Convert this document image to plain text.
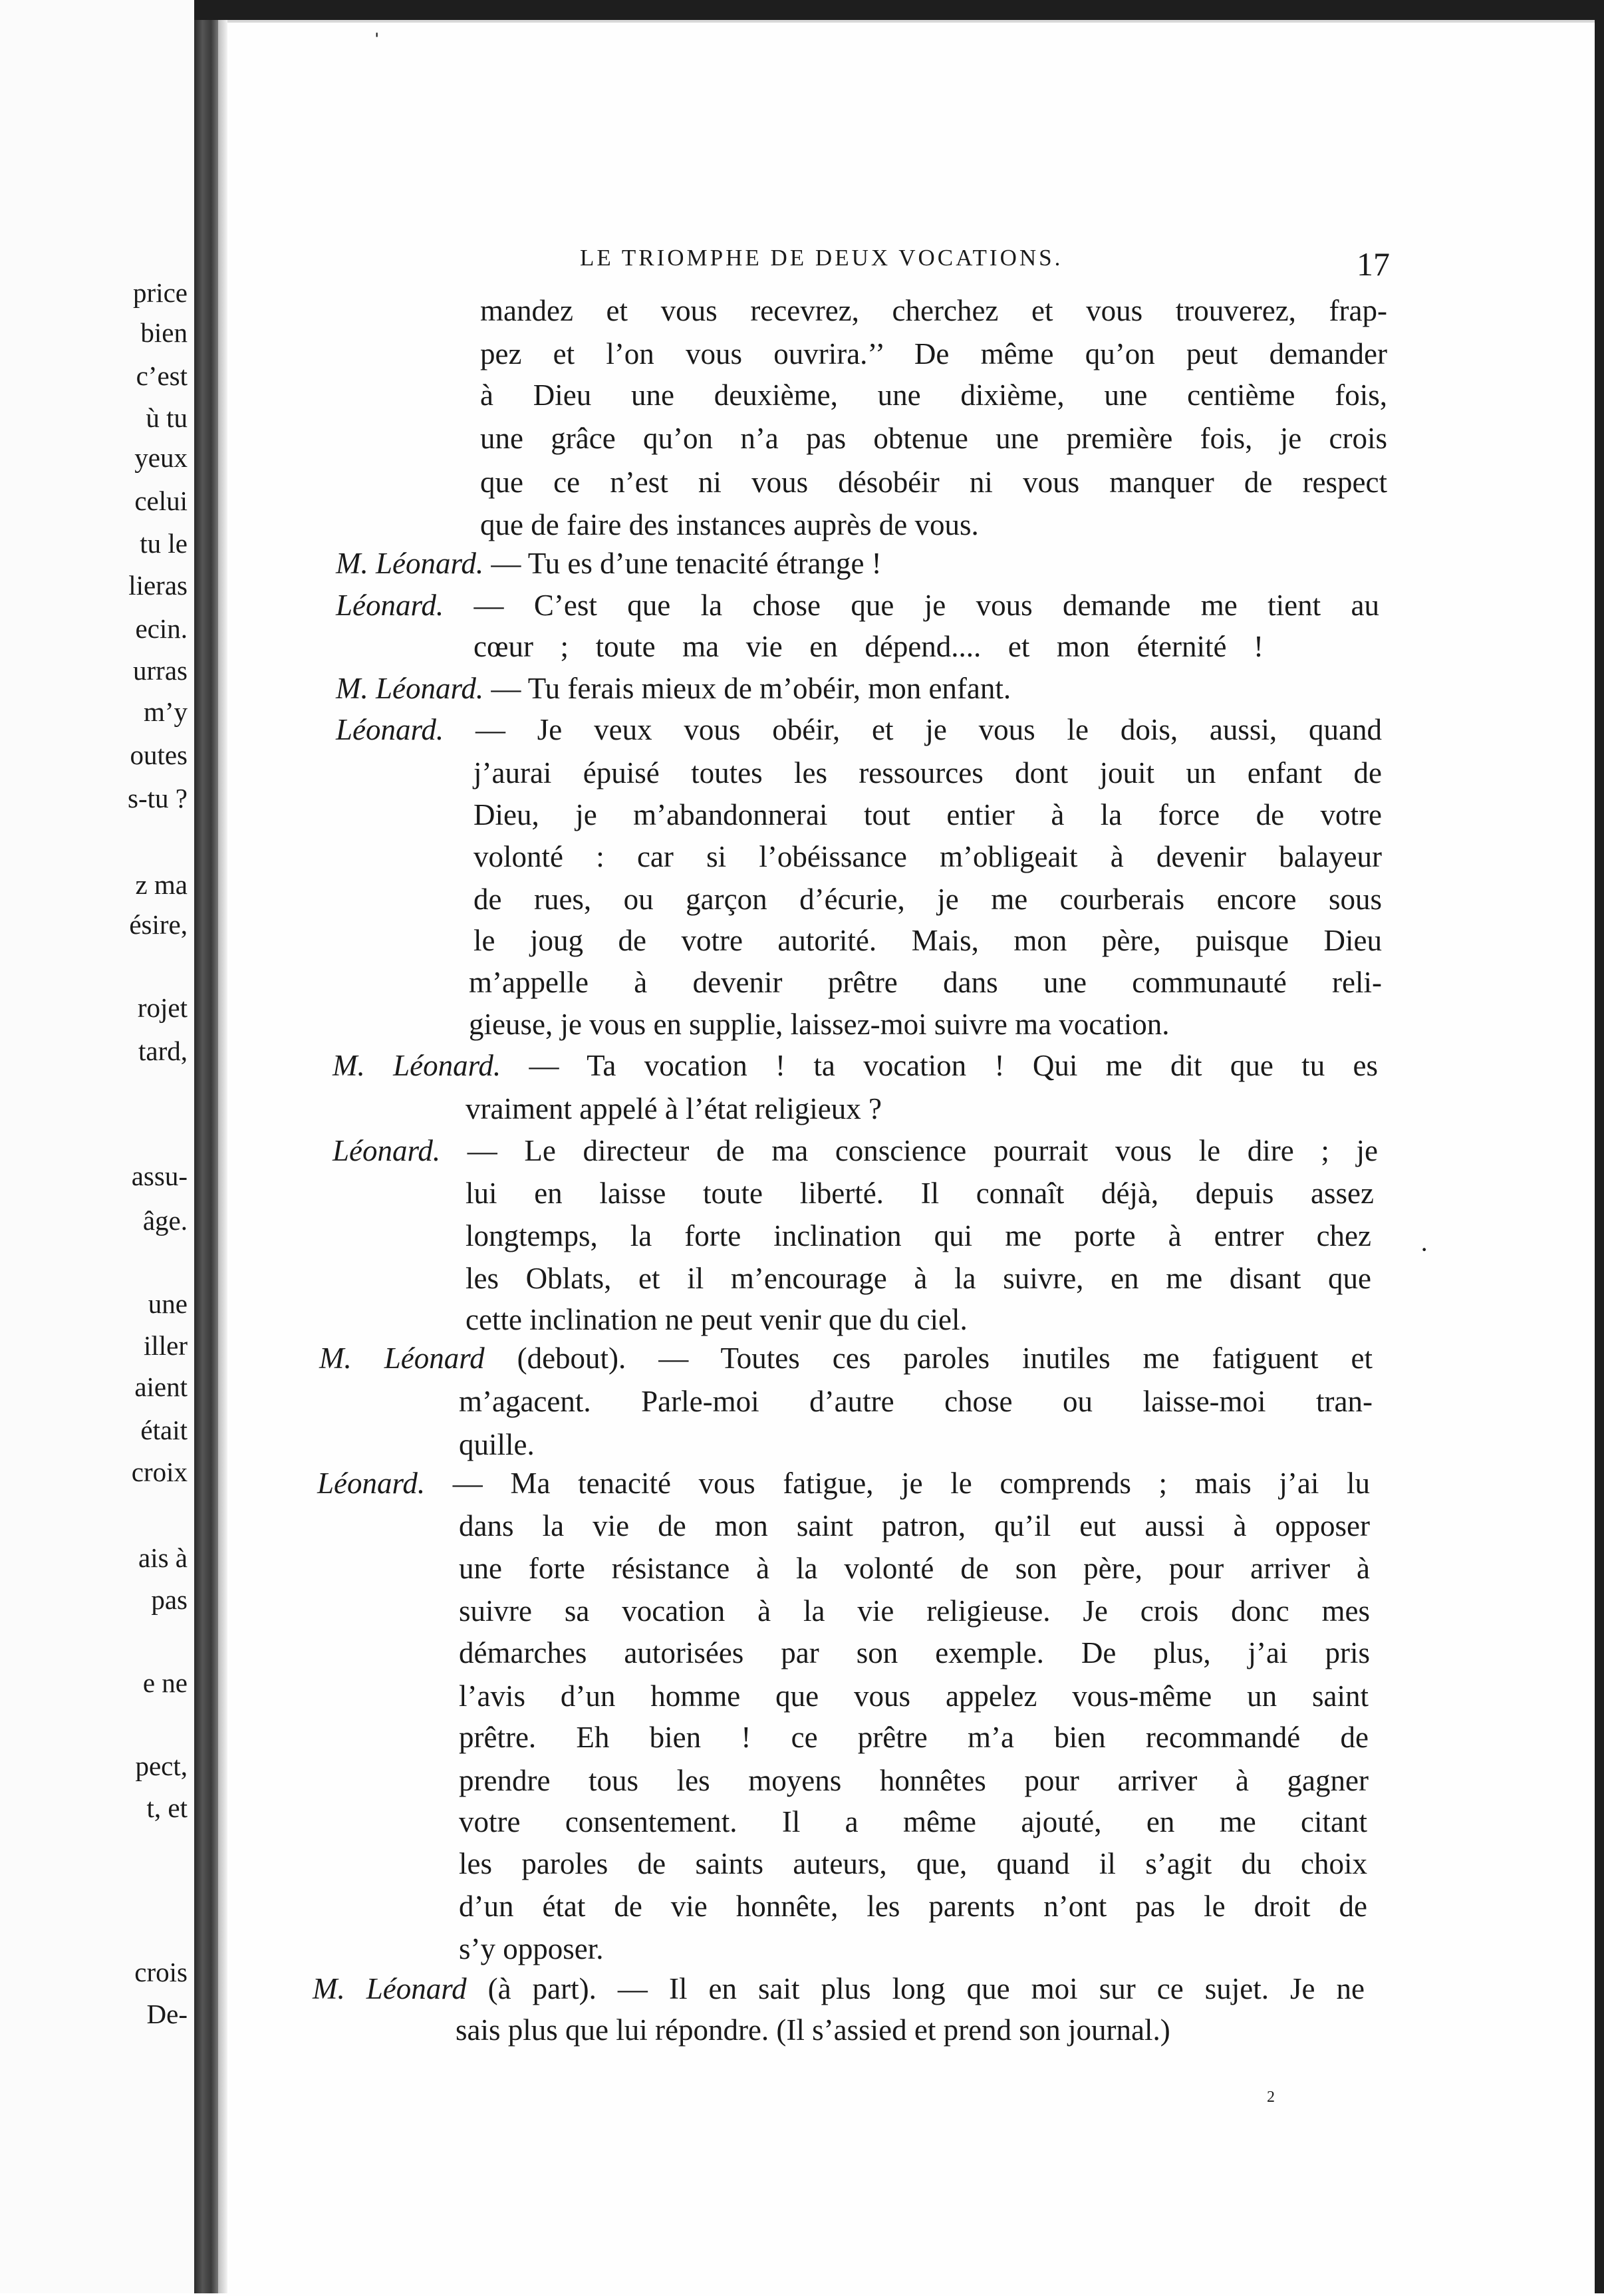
price
bien
c’est
ù tu
yeux
celui
tu le
lieras
ecin.
urras
m’y
outes
s-tu ?
z ma
ésire,
rojet
tard,
assu-
âge.
une
iller
aient
était
croix
ais à
pas
e ne
pect,
t, et
crois
De-
ˈ
·
LE TRIOMPHE DE DEUX VOCATIONS.	17
mandez et vous recevrez, cherchez et vous trouverez, frap-
pez et l’on vous ouvrira.’’ De même qu’on peut demander
à Dieu une deuxième, une dixième, une centième fois,
une grâce qu’on n’a pas obtenue une première fois, je crois
que ce n’est ni vous désobéir ni vous manquer de respect
que de faire des instances auprès de vous.
M. Léonard. — Tu es d’une tenacité étrange !
Léonard. — C’est que la chose que je vous demande me tient au
cœur ; toute ma vie en dépend.... et mon éternité !
M. Léonard. — Tu ferais mieux de m’obéir, mon enfant.
Léonard. — Je veux vous obéir, et je vous le dois, aussi, quand
j’aurai épuisé toutes les ressources dont jouit un enfant de
Dieu, je m’abandonnerai tout entier à la force de votre
volonté : car si l’obéissance m’obligeait à devenir balayeur
de rues, ou garçon d’écurie, je me courberais encore sous
le joug de votre autorité. Mais, mon père, puisque Dieu
m’appelle à devenir prêtre dans une communauté reli-
gieuse, je vous en supplie, laissez-moi suivre ma vocation.
M. Léonard. — Ta vocation ! ta vocation ! Qui me dit que tu es
vraiment appelé à l’état religieux ?
Léonard. — Le directeur de ma conscience pourrait vous le dire ; je
lui en laisse toute liberté. Il connaît déjà, depuis assez
longtemps, la forte inclination qui me porte à entrer chez
les Oblats, et il m’encourage à la suivre, en me disant que
cette inclination ne peut venir que du ciel.
M. Léonard (debout). — Toutes ces paroles inutiles me fatiguent et
m’agacent. Parle-moi d’autre chose ou laisse-moi tran-
quille.
Léonard. — Ma tenacité vous fatigue, je le comprends ; mais j’ai lu
dans la vie de mon saint patron, qu’il eut aussi à opposer
une forte résistance à la volonté de son père, pour arriver à
suivre sa vocation à la vie religieuse. Je crois donc mes
démarches autorisées par son exemple. De plus, j’ai pris
l’avis d’un homme que vous appelez vous-même un saint
prêtre. Eh bien ! ce prêtre m’a bien recommandé de
prendre tous les moyens honnêtes pour arriver à gagner
votre consentement. Il a même ajouté, en me citant
les paroles de saints auteurs, que, quand il s’agit du choix
d’un état de vie honnête, les parents n’ont pas le droit de
s’y opposer.
M. Léonard (à part). — Il en sait plus long que moi sur ce sujet. Je ne
sais plus que lui répondre. (Il s’assied et prend son journal.)
2
